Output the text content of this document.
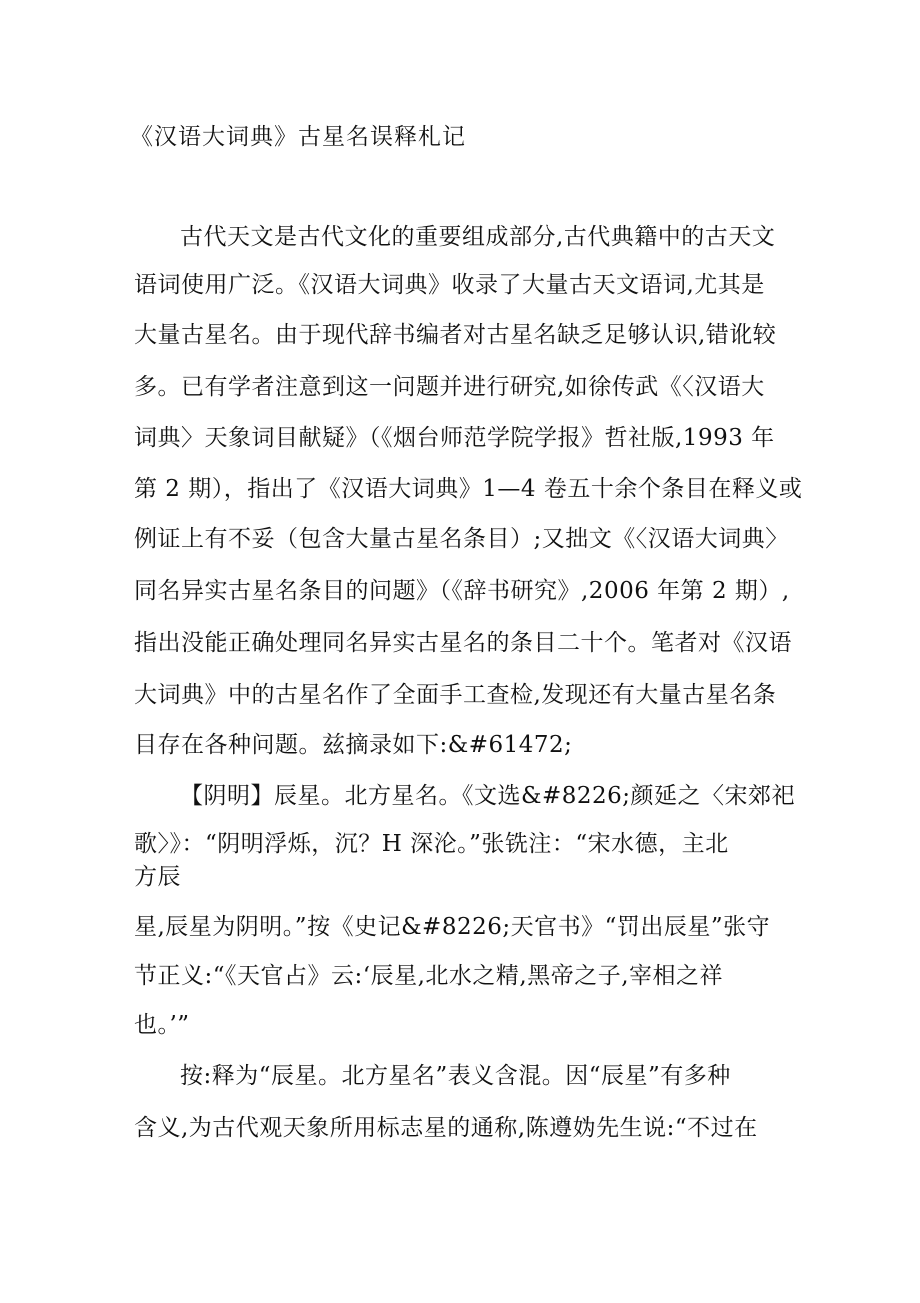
《汉语大词典》古星名误释札记
古代天文是古代文化的重要组成部分,古代典籍中的古天文
语词使用广泛。《汉语大词典》收录了大量古天文语词,尤其是
大量古星名。由于现代辞书编者对古星名缺乏足够认识,错讹较
多。已有学者注意到这一问题并进行研究,如徐传武《〈汉语大
词典〉天象词目献疑》（《烟台师范学院学报》哲社版,1993 年
第 2 期），指出了《汉语大词典》1—4 卷五十余个条目在释义或
例证上有不妥（包含大量古星名条目）;又拙文《〈汉语大词典〉
同名异实古星名条目的问题》（《辞书研究》,2006 年第 2 期）,
指出没能正确处理同名异实古星名的条目二十个。笔者对《汉语
大词典》中的古星名作了全面手工查检,发现还有大量古星名条
目存在各种问题。兹摘录如下:&#61472;
【阴明】辰星。北方星名。《文选&#8226;颜延之〈宋郊祀
歌〉》：“阴明浮烁，沉？H 深沦。”张铣注：“宋水德，主北
方辰
星,辰星为阴明。”按《史记&#8226;天官书》“罚出辰星”张守
节正义:“《天官占》云:‘辰星,北水之精,黑帝之子,宰相之祥
也。’”
按:释为“辰星。北方星名”表义含混。因“辰星”有多种
含义,为古代观天象所用标志星的通称,陈遵妫先生说:“不过在
